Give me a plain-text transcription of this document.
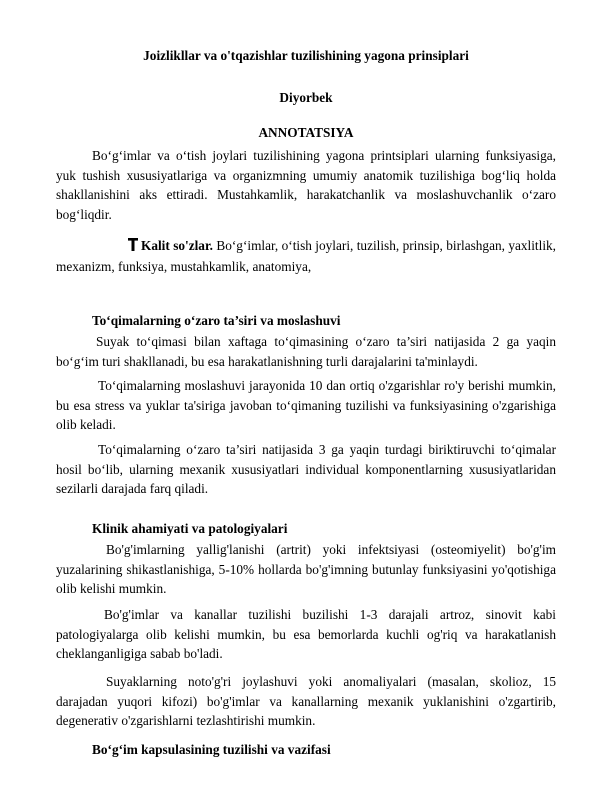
Joizlikllar va o'tqazishlar tuzilishining yagona prinsiplari
Diyorbek
ANNOTATSIYA

Bo‘g‘imlar va o‘tish joylari tuzilishining yagona printsiplari ularning funksiyasiga, yuk tushish xususiyatlariga va organizmning umumiy anatomik tuzilishiga bog‘liq holda shakllanishini aks ettiradi. Mustahkamlik, harakatchanlik va moslashuvchanlik o‘zaro bog‘liqdir.

Kalit so'zlar. Bo‘g‘imlar, o‘tish joylari, tuzilish, prinsip, birlashgan, yaxlitlik, mexanizm, funksiya, mustahkamlik, anatomiya,

To‘qimalarning o‘zaro ta’siri va moslashuvi

Suyak to‘qimasi bilan xaftaga to‘qimasining o‘zaro ta’siri natijasida 2 ga yaqin bo‘g‘im turi shakllanadi, bu esa harakatlanishning turli darajalarini ta'minlaydi.

To‘qimalarning moslashuvi jarayonida 10 dan ortiq o'zgarishlar ro'y berishi mumkin, bu esa stress va yuklar ta'siriga javoban to‘qimaning tuzilishi va funksiyasining o'zgarishiga olib keladi.

To‘qimalarning o‘zaro ta’siri natijasida 3 ga yaqin turdagi biriktiruvchi to‘qimalar hosil bo‘lib, ularning mexanik xususiyatlari individual komponentlarning xususiyatlaridan sezilarli darajada farq qiladi.

Klinik ahamiyati va patologiyalari

Bo'g'imlarning yallig'lanishi (artrit) yoki infektsiyasi (osteomiyelit) bo'g'im yuzalarining shikastlanishiga, 5-10% hollarda bo'g'imning butunlay funksiyasini yo'qotishiga olib kelishi mumkin.

Bo'g'imlar va kanallar tuzilishi buzilishi 1-3 darajali artroz, sinovit kabi patologiyalarga olib kelishi mumkin, bu esa bemorlarda kuchli og'riq va harakatlanish cheklanganligiga sabab bo'ladi.

Suyaklarning noto'g'ri joylashuvi yoki anomaliyalari (masalan, skolioz, 15 darajadan yuqori kifozi) bo'g'imlar va kanallarning mexanik yuklanishini o'zgartirib, degenerativ o'zgarishlarni tezlashtirishi mumkin.

Bo‘g‘im kapsulasining tuzilishi va vazifasi
